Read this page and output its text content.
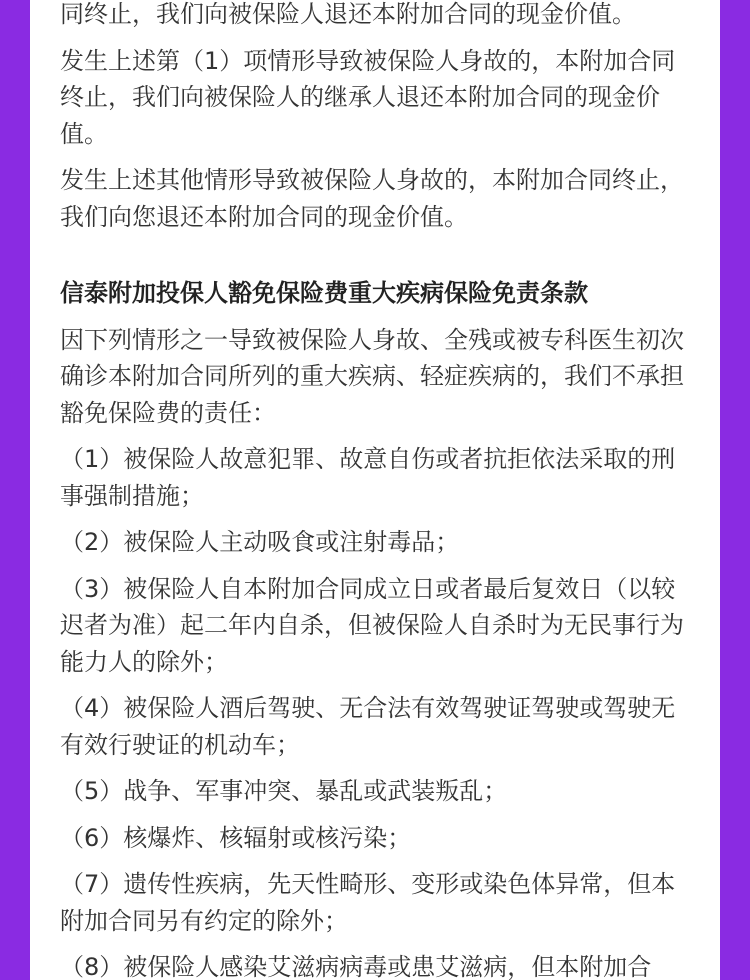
同终止，我们向被保险人退还本附加合同的现金价值。

发生上述第（1）项情形导致被保险人身故的，本附加合同终止，我们向被保险人的继承人退还本附加合同的现金价值。

发生上述其他情形导致被保险人身故的，本附加合同终止，我们向您退还本附加合同的现金价值。

信泰附加投保人豁免保险费重大疾病保险免责条款

因下列情形之一导致被保险人身故、全残或被专科医生初次确诊本附加合同所列的重大疾病、轻症疾病的，我们不承担豁免保险费的责任：

（1）被保险人故意犯罪、故意自伤或者抗拒依法采取的刑事强制措施；

（2）被保险人主动吸食或注射毒品；

（3）被保险人自本附加合同成立日或者最后复效日（以较迟者为准）起二年内自杀，但被保险人自杀时为无民事行为能力人的除外；

（4）被保险人酒后驾驶、无合法有效驾驶证驾驶或驾驶无有效行驶证的机动车；

（5）战争、军事冲突、暴乱或武装叛乱；

（6）核爆炸、核辐射或核污染；

（7）遗传性疾病，先天性畸形、变形或染色体异常，但本附加合同另有约定的除外；

（8）被保险人感染艾滋病病毒或患艾滋病，但本附加合
